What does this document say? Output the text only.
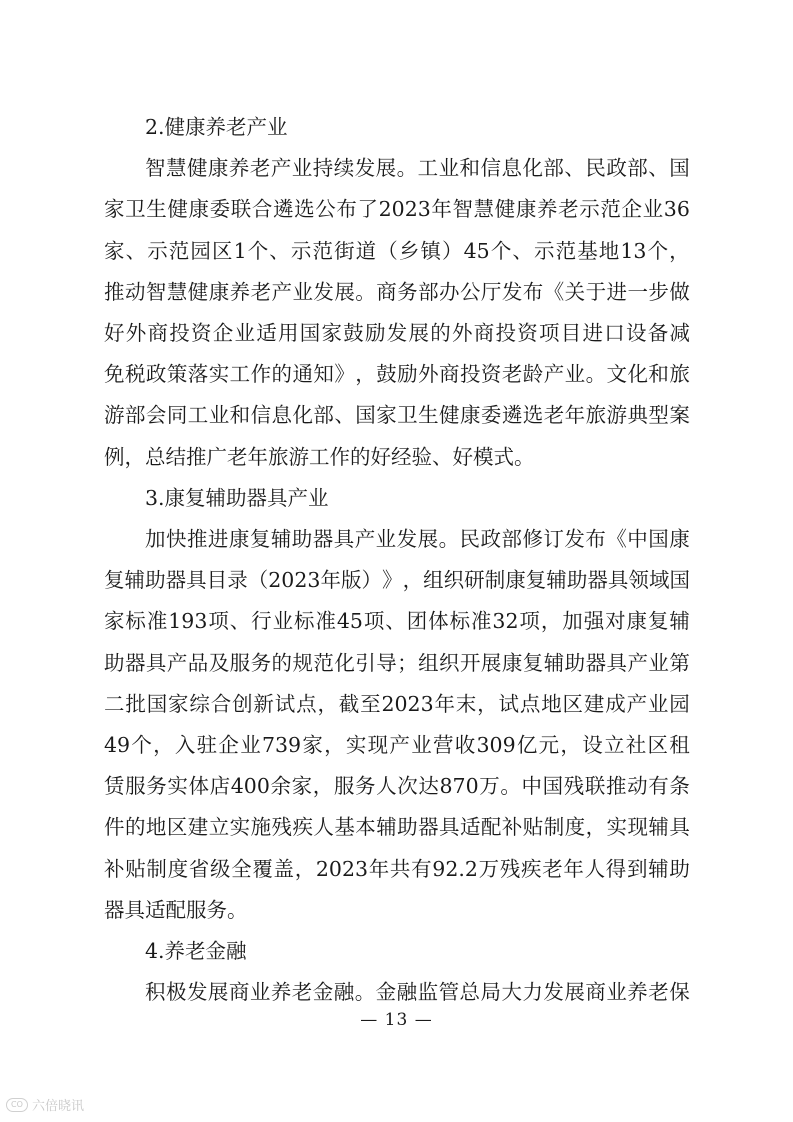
2.健康养老产业
智 慧 健 康 养 老 产 业 持 续 发 展 。 工 业 和 信 息 化 部 、 民 政 部 、 国
家 卫 生 健 康 委 联 合 遴 选 公 布 了 2023 年 智 慧 健 康 养 老 示 范 企 业 36
家 、 示 范 园 区 1 个 、 示 范 街 道 （ 乡 镇 ） 45 个 、 示 范 基 地 13 个 ，
推 动 智 慧 健 康 养 老 产 业 发 展 。 商 务 部 办 公 厅 发 布 《 关 于 进 一 步 做
好 外 商 投 资 企 业 适 用 国 家 鼓 励 发 展 的 外 商 投 资 项 目 进 口 设 备 减
免 税 政 策 落 实 工 作 的 通 知 》 ， 鼓 励 外 商 投 资 老 龄 产 业 。 文 化 和 旅
游 部 会 同 工 业 和 信 息 化 部 、 国 家 卫 生 健 康 委 遴 选 老 年 旅 游 典 型 案
例，总结推广老年旅游工作的好经验、好模式。
3.康复辅助器具产业
加 快 推 进 康 复 辅 助 器 具 产 业 发 展 。 民 政 部 修 订 发 布 《 中 国 康
复 辅 助 器 具 目 录 （ 2023 年 版 ） 》 ， 组 织 研 制 康 复 辅 助 器 具 领 域 国
家 标 准 193 项 、 行 业 标 准 45 项 、 团 体 标 准 32 项 ， 加 强 对 康 复 辅
助 器 具 产 品 及 服 务 的 规 范 化 引 导 ； 组 织 开 展 康 复 辅 助 器 具 产 业 第
二 批 国 家 综 合 创 新 试 点 ， 截 至 2023 年 末 ， 试 点 地 区 建 成 产 业 园
49 个 ， 入 驻 企 业 739 家 ， 实 现 产 业 营 收 309 亿 元 ， 设 立 社 区 租
赁 服 务 实 体 店 400 余 家 ， 服 务 人 次 达 870 万 。 中 国 残 联 推 动 有 条
件 的 地 区 建 立 实 施 残 疾 人 基 本 辅 助 器 具 适 配 补 贴 制 度 ， 实 现 辅 具
补 贴 制 度 省 级 全 覆 盖 ， 2023 年 共 有 92.2 万 残 疾 老 年 人 得 到 辅 助
器具适配服务。
4.养老金融
积 极 发 展 商 业 养 老 金 融 。 金 融 监 管 总 局 大 力 发 展 商 业 养 老 保
— 13 —
CO 六倍晓讯
